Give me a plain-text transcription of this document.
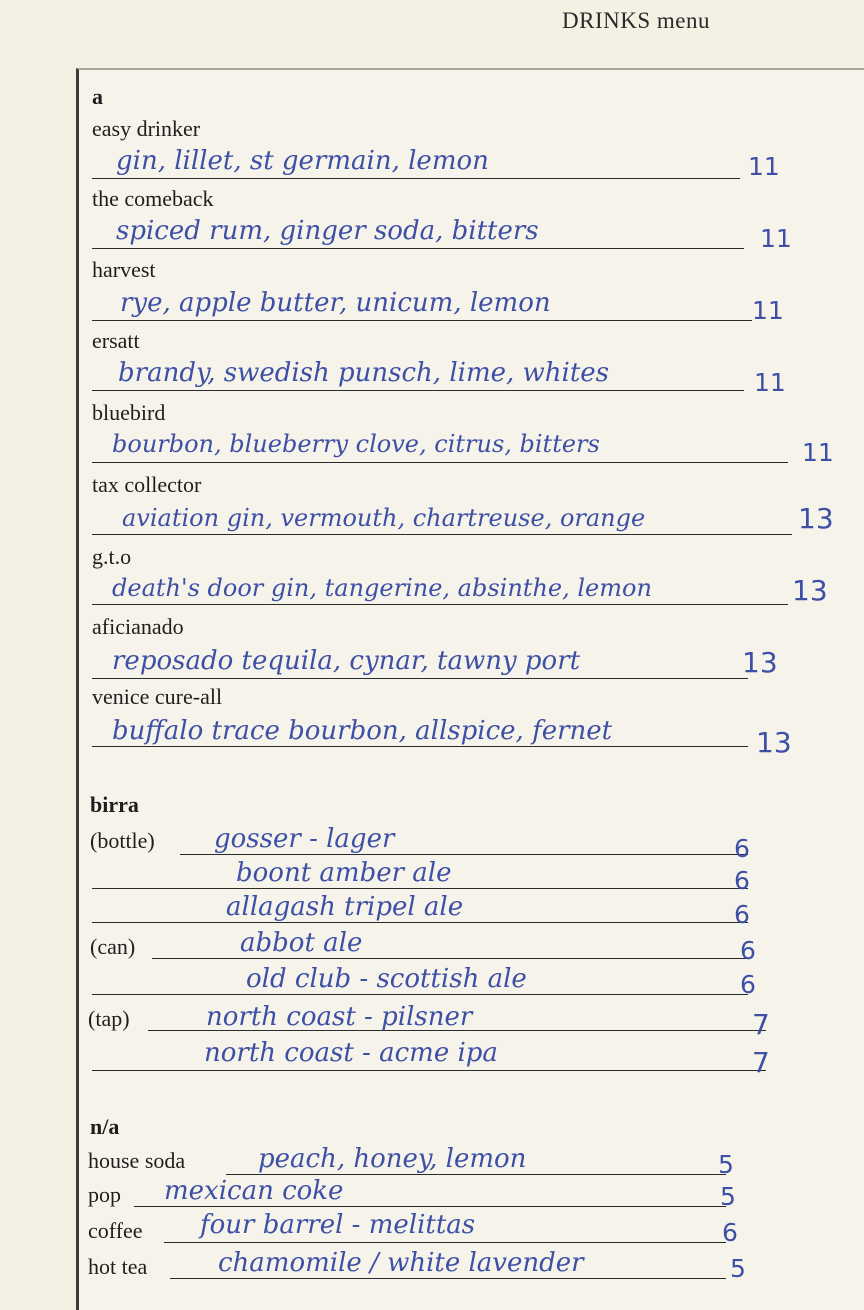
DRINKS menu
a
easy drinker
gin, lillet, st germain, lemon	11
the comeback
spiced rum, ginger soda, bitters	11
harvest
rye, apple butter, unicum, lemon	11
ersatt
brandy, swedish punsch, lime, whites	11
bluebird
bourbon, blueberry clove, citrus, bitters	11
tax collector
aviation gin, vermouth, chartreuse, orange	13
g.t.o
death's door gin, tangerine, absinthe, lemon	13
aficianado
reposado tequila, cynar, tawny port	13
venice cure-all
buffalo trace bourbon, allspice, fernet	13
birra
(bottle) gosser - lager	6
boont amber ale	6
allagash tripel ale	6
(can)	abbot ale	6
old club - scottish ale	6
(tap)	north coast - pilsner	7
north coast - acme ipa	7
n/a
house soda	peach, honey, lemon	5
pop mexican coke	5
coffee four barrel - melittas	6
hot tea	chamomile / white lavender	5
